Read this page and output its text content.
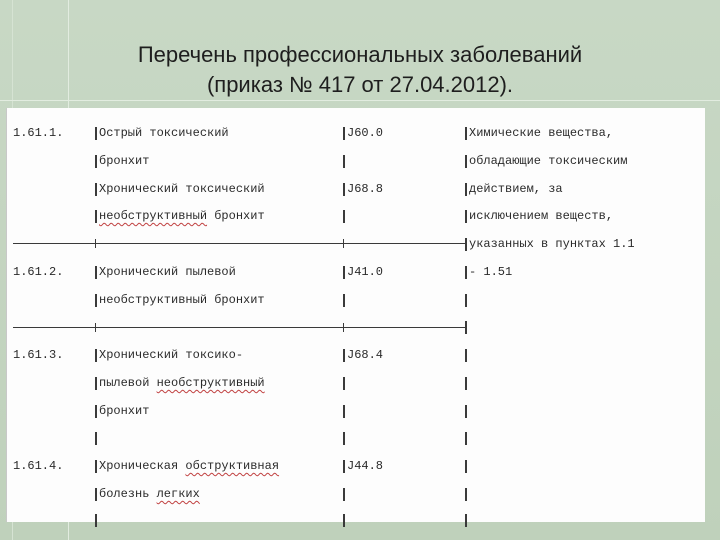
Перечень профессиональных заболеваний
(приказ № 417 от 27.04.2012).
1.61.1.
1.61.2.
1.61.3.
1.61.4.
Острый токсический
бронхит
Хронический токсический
необструктивный бронхит
Хронический пылевой
необструктивный бронхит
Хронический токсико-
пылевой необструктивный
бронхит
Хроническая обструктивная
болезнь легких
J60.0
J68.8
J41.0
J68.4
J44.8
Химические вещества,
обладающие токсическим
действием, за
исключением веществ,
указанных в пунктах 1.1
- 1.51
